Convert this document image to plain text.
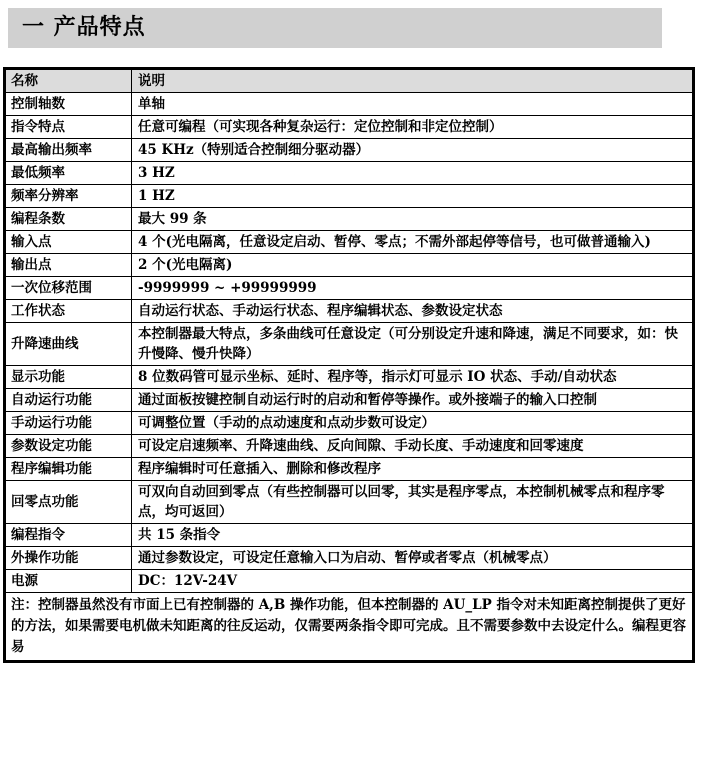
一 产品特点
名称	说明
控制轴数	单轴
指令特点	任意可编程（可实现各种复杂运行：定位控制和非定位控制）
最高输出频率	45 KHz（特别适合控制细分驱动器）
最低频率	3 HZ
频率分辨率	1 HZ
编程条数	最大 99 条
输入点	4 个(光电隔离，任意设定启动、暂停、零点；不需外部起停等信号，也可做普通输入)
输出点	2 个(光电隔离)
一次位移范围	-9999999 ~ +99999999
工作状态	自动运行状态、手动运行状态、程序编辑状态、参数设定状态
升降速曲线	本控制器最大特点，多条曲线可任意设定（可分别设定升速和降速，满足不同要求，如：快升慢降、慢升快降）
显示功能	8 位数码管可显示坐标、延时、程序等，指示灯可显示 IO 状态、手动/自动状态
自动运行功能	通过面板按键控制自动运行时的启动和暂停等操作。或外接端子的输入口控制
手动运行功能	可调整位置（手动的点动速度和点动步数可设定）
参数设定功能	可设定启速频率、升降速曲线、反向间隙、手动长度、手动速度和回零速度
程序编辑功能	程序编辑时可任意插入、删除和修改程序
回零点功能	可双向自动回到零点（有些控制器可以回零，其实是程序零点，本控制机械零点和程序零点，均可返回）
编程指令	共 15 条指令
外操作功能	通过参数设定，可设定任意输入口为启动、暂停或者零点（机械零点）
电源	DC：12V-24V
注：控制器虽然没有市面上已有控制器的 A,B 操作功能，但本控制器的 AU_LP 指令对未知距离控制提供了更好的方法，如果需要电机做未知距离的往反运动，仅需要两条指令即可完成。且不需要参数中去设定什么。编程更容易	
